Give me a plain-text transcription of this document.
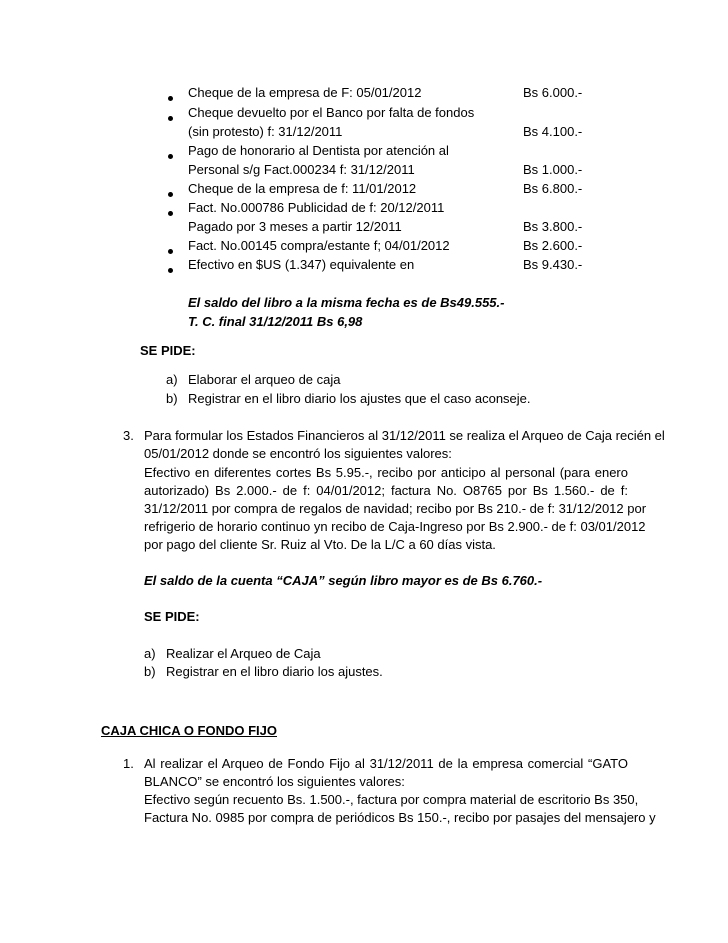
Cheque de la empresa de F: 05/01/2012	Bs 6.000.-
Cheque devuelto por el Banco por falta de fondos
(sin protesto) f: 31/12/2011	Bs 4.100.-
Pago de honorario al Dentista por atención al
Personal s/g Fact.000234 f: 31/12/2011	Bs 1.000.-
Cheque de la empresa de f: 11/01/2012	Bs 6.800.-
Fact. No.000786 Publicidad de f: 20/12/2011
Pagado por 3 meses a partir 12/2011	Bs 3.800.-
Fact. No.00145 compra/estante f; 04/01/2012	Bs 2.600.-
Efectivo en $US (1.347) equivalente en	Bs 9.430.-
El saldo del libro a la misma fecha es de Bs49.555.-
T. C. final 31/12/2011 Bs 6,98
SE PIDE:
a) Elaborar el arqueo de caja
b) Registrar en el libro diario los ajustes que el caso aconseje.
3. Para formular los Estados Financieros al 31/12/2011 se realiza el Arqueo de Caja recién el
05/01/2012 donde se encontró los siguientes valores:
Efectivo en diferentes cortes Bs 5.95.-, recibo por anticipo al personal (para enero
autorizado) Bs 2.000.- de f: 04/01/2012; factura No. O8765 por Bs 1.560.- de f:
31/12/2011 por compra de regalos de navidad; recibo por Bs 210.- de f: 31/12/2012 por
refrigerio de horario continuo yn recibo de Caja-Ingreso por Bs 2.900.- de f: 03/01/2012
por pago del cliente Sr. Ruiz al Vto. De la L/C a 60 días vista.
El saldo de la cuenta “CAJA” según libro mayor es de Bs 6.760.-
SE PIDE:
a) Realizar el Arqueo de Caja
b) Registrar en el libro diario los ajustes.
CAJA CHICA O FONDO FIJO
1. Al realizar el Arqueo de Fondo Fijo al 31/12/2011 de la empresa comercial “GATO
BLANCO” se encontró los siguientes valores:
Efectivo según recuento Bs. 1.500.-, factura por compra material de escritorio Bs 350,
Factura No. 0985 por compra de periódicos Bs 150.-, recibo por pasajes del mensajero y
